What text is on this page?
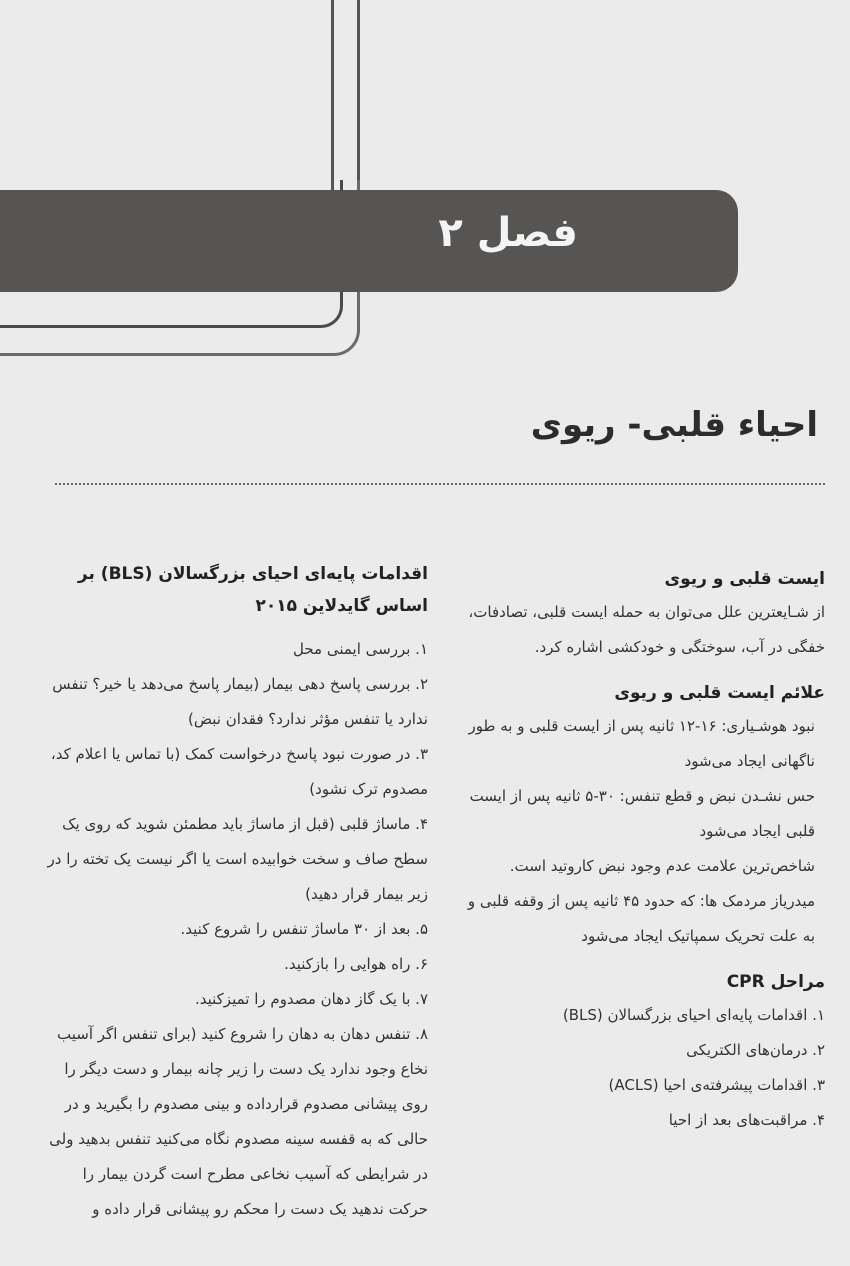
فصل ۲
احیاء قلبی- ریوی
اقدامات پایه‌ای احیای بزرگسالان (BLS) بر اساس گایدلاین ۲۰۱۵
۱. بررسی ایمنی محل
۲. بررسی پاسخ دهی بیمار (بیمار پاسخ می‌دهد یا خیر؟ تنفس ندارد یا تنفس مؤثر ندارد؟ فقدان نبض)
۳. در صورت نبود پاسخ درخواست کمک (با تماس یا اعلام کد، مصدوم ترک نشود)
۴. ماساژ قلبی (قبل از ماساژ باید مطمئن شوید که روی یک سطح صاف و سخت خوابیده است یا اگر نیست یک تخته را در زیر بیمار قرار دهید)
۵. بعد از ۳۰ ماساژ تنفس را شروع کنید.
۶. راه هوایی را بازکنید.
۷. با یک گاز دهان مصدوم را تمیزکنید.
۸. تنفس دهان به دهان را شروع کنید (برای تنفس اگر آسیب نخاع وجود ندارد یک دست را زیر چانه بیمار و دست دیگر را روی پیشانی مصدوم قرارداده و بینی مصدوم را بگیرید و در حالی که به قفسه سینه مصدوم نگاه می‌کنید تنفس بدهید ولی در شرایطی که آسیب نخاعی مطرح است گردن بیمار را حرکت ندهید یک دست را محکم رو پیشانی قرار داده و
ایست قلبی و ریوی
از شـایعترین علل می‌توان به حمله ایست قلبی، تصادفات، خفگی در آب، سوختگی و خودکشی اشاره کرد.
علائم ایست قلبی و ریوی
نبود هوشـیاری: ۱۶-۱۲ ثانیه پس از ایست قلبی و به طور ناگهانی ایجاد می‌شود
حس نشـدن نبض و قطع تنفس: ۳۰-۵ ثانیه پس از ایست قلبی ایجاد می‌شود
شاخص‌ترین علامت عدم وجود نبض کاروتید است.
میدریاز مردمک ها: که حدود ۴۵ ثانیه پس از وقفه قلبی و به علت تحریک سمپاتیک ایجاد می‌شود
مراحل CPR
۱. اقدامات پایه‌ای احیای بزرگسالان (BLS)
۲. درمان‌های الکتریکی
۳. اقدامات پیشرفته‌ی احیا (ACLS)
۴. مراقبت‌های بعد از احیا
